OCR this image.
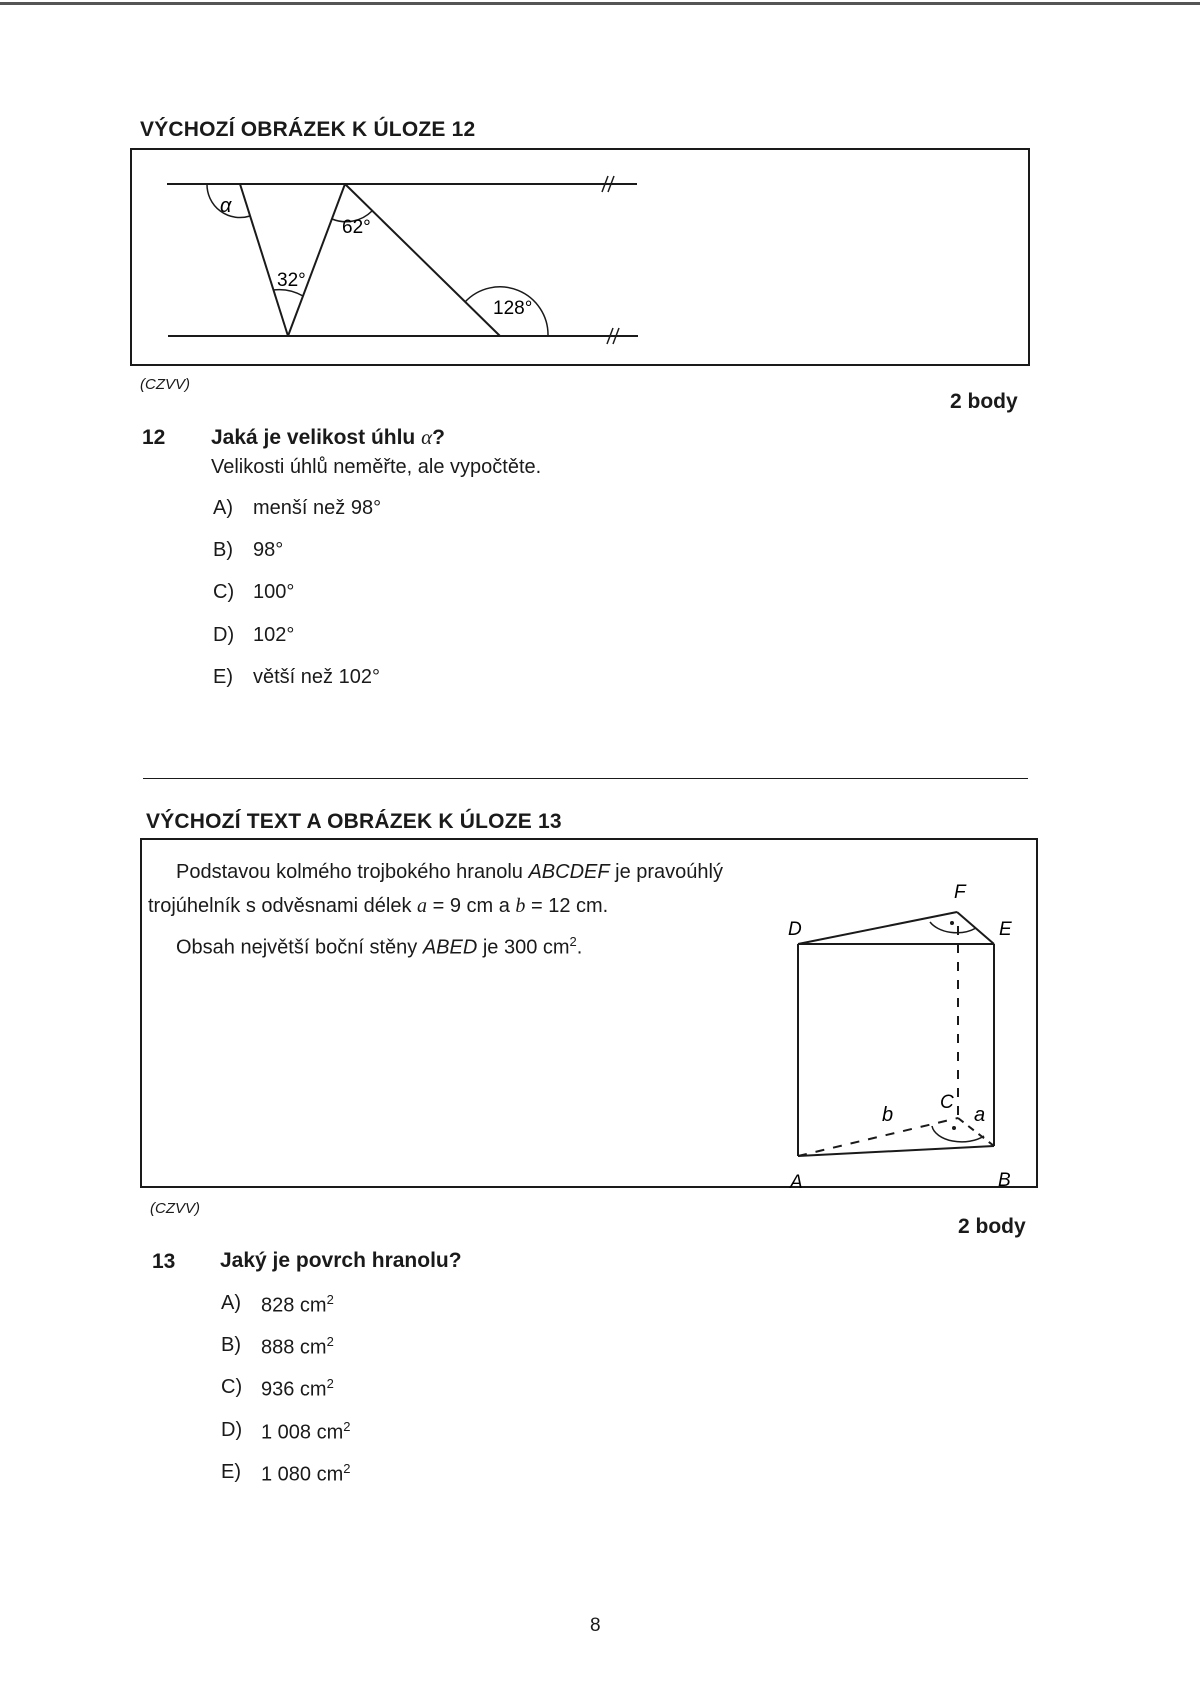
VÝCHOZÍ OBRÁZEK K ÚLOZE 12
α
62°
32°
128°
(CZVV)
2 body
12 Jaká je velikost úhlu α?
Velikosti úhlů neměřte, ale vypočtěte.
A)	menší než 98°
B)	98°
C) 100°
D) 102°
E)	větší než 102°
VÝCHOZÍ TEXT A OBRÁZEK K ÚLOZE 13
Podstavou kolmého trojbokého hranolu ABCDEF je pravoúhlý
trojúhelník s odvěsnami délek a = 9 cm a b = 12 cm.
Obsah největší boční stěny ABED je 300 $cm^2$.
D	E
F
A	B
C
b	a
(CZVV)
2 body
13 Jaký je povrch hranolu?
A)	828 $cm^2$
B)	888 $cm^2$
C) 936 $cm^2$
D) 1 008 $cm^2$
E)	1 080 $cm^2$
8
